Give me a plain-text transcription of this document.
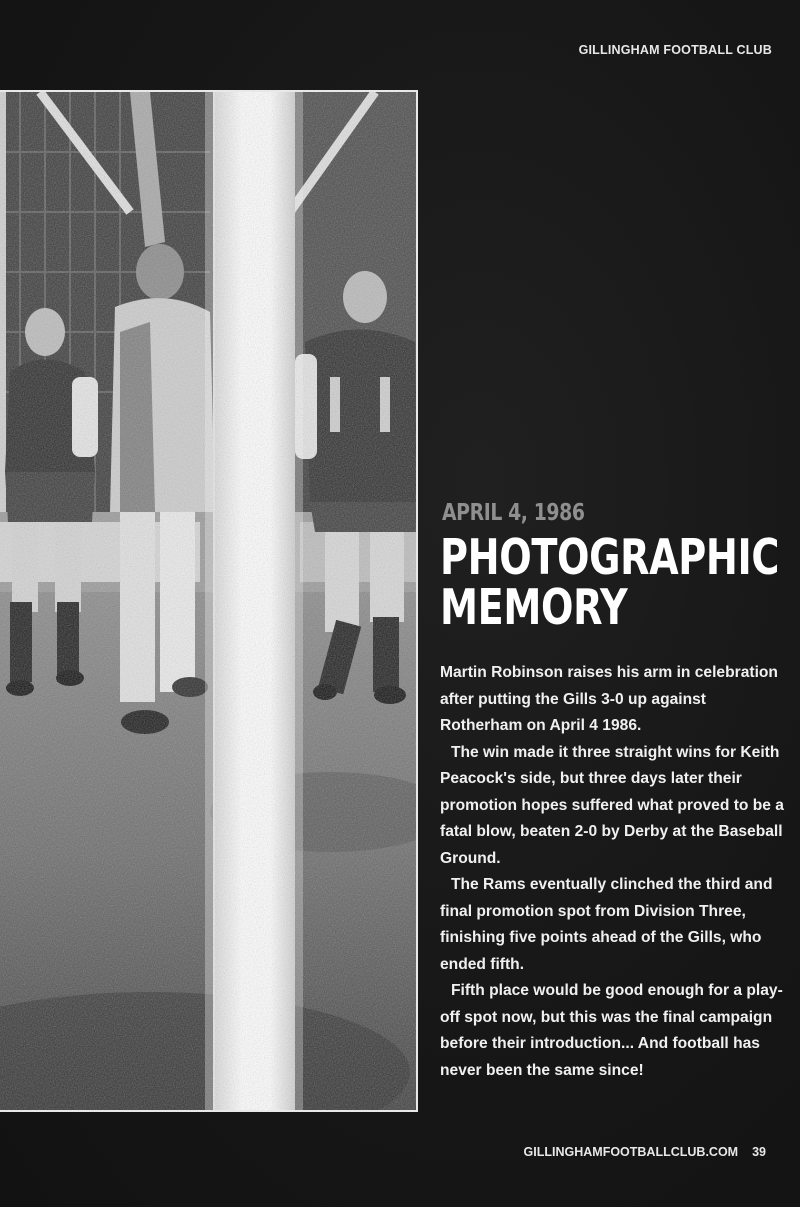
GILLINGHAM FOOTBALL CLUB
APRIL 4, 1986
PHOTOGRAPHIC
MEMORY

Martin Robinson raises his arm in celebration after putting the Gills 3-0 up against Rotherham on April 4 1986.

The win made it three straight wins for Keith Peacock's side, but three days later their promotion hopes suffered what proved to be a fatal blow, beaten 2-0 by Derby at the Baseball Ground.

The Rams eventually clinched the third and final promotion spot from Division Three, finishing five points ahead of the Gills, who ended fifth.

Fifth place would be good enough for a play-off spot now, but this was the final campaign before their introduction... And football has never been the same since!

GILLINGHAMFOOTBALLCLUB.COM 39
